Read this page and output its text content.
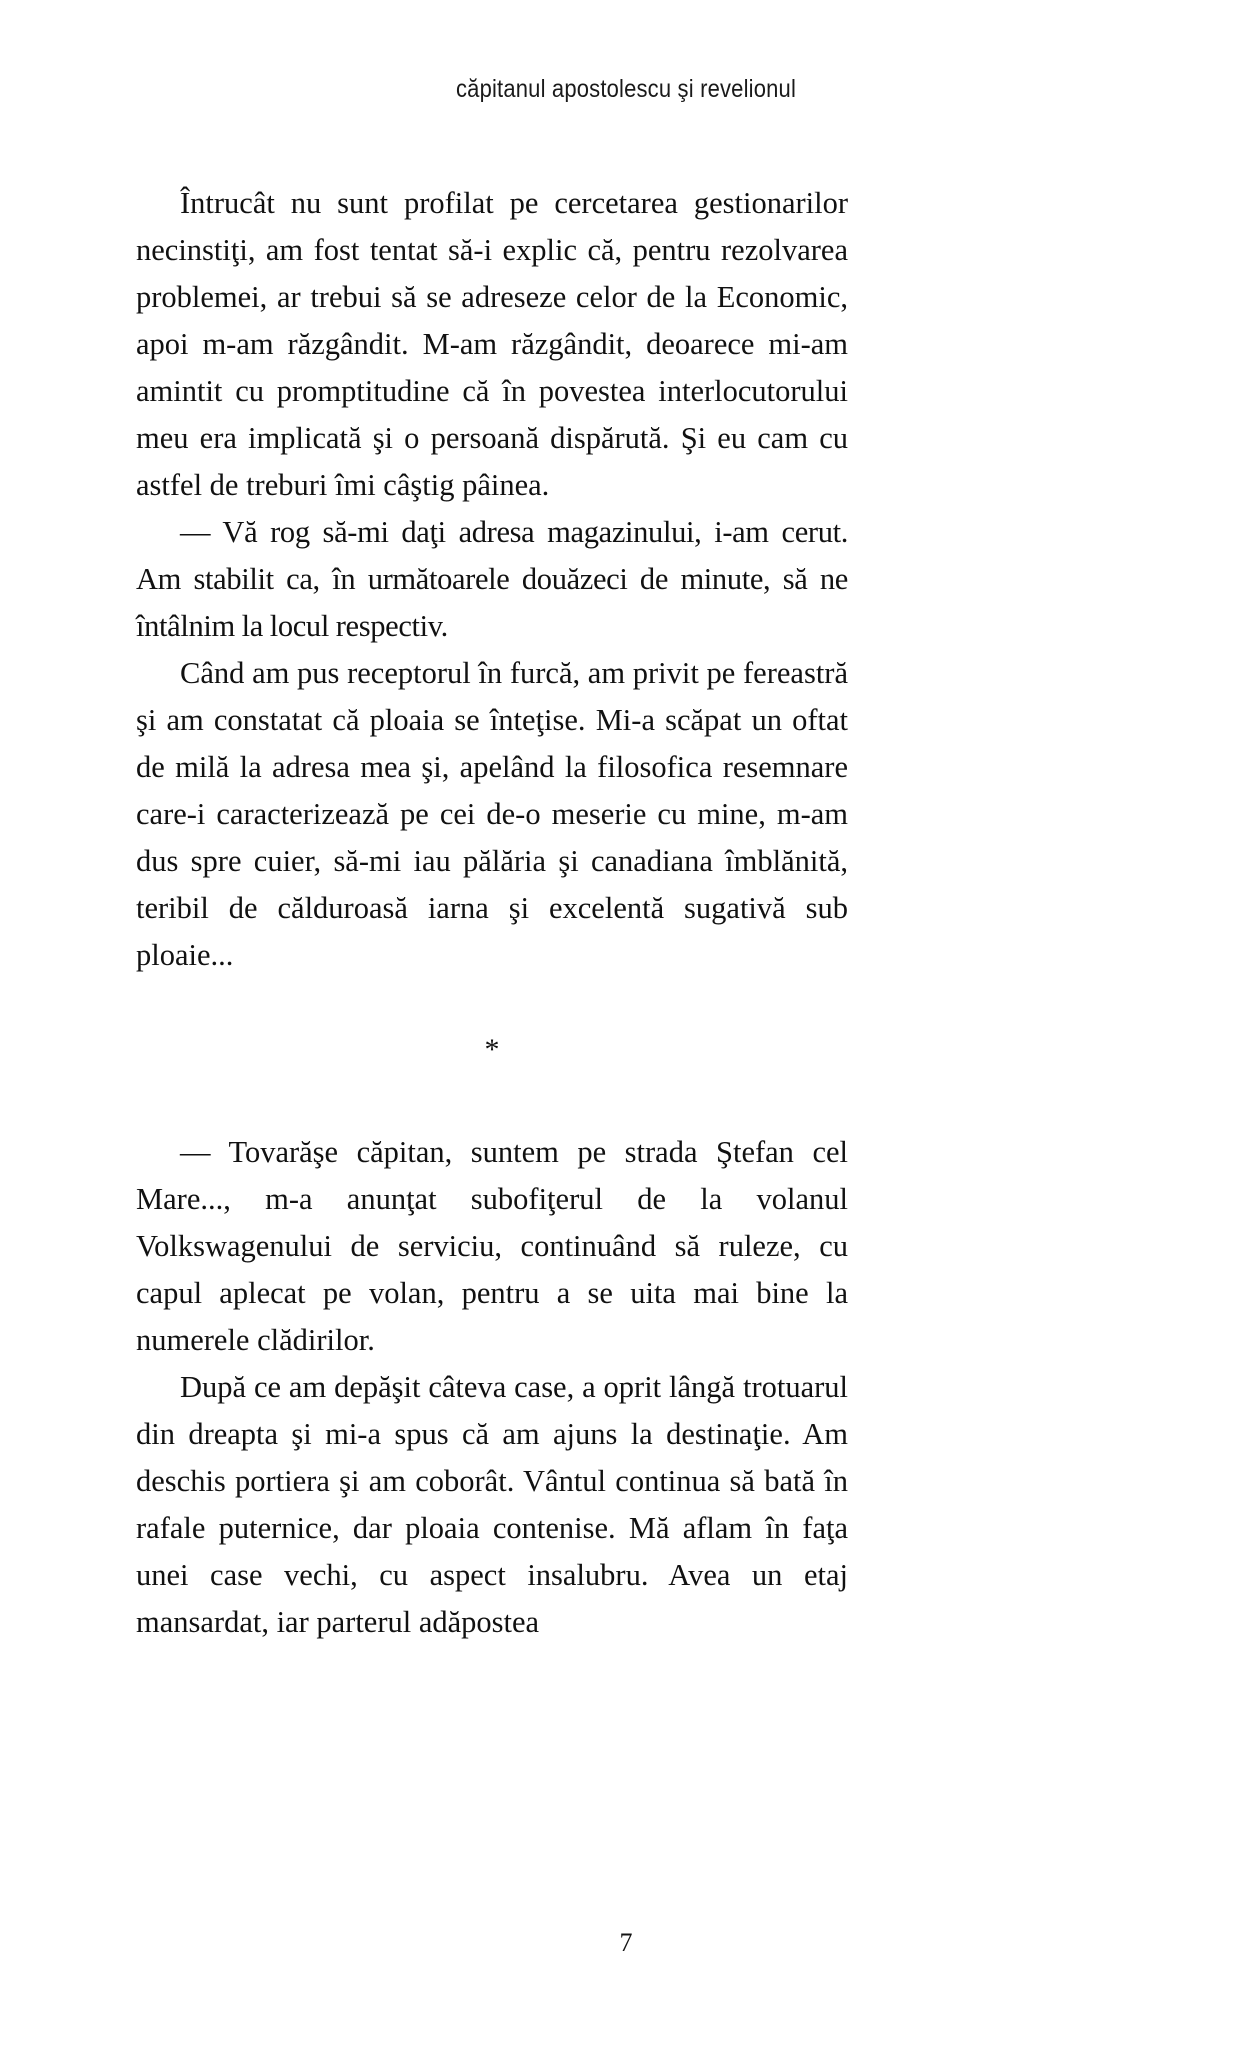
căpitanul apostolescu şi revelionul

Întrucât nu sunt profilat pe cercetarea gestionarilor necinstiţi, am fost tentat să-i explic că, pentru rezolvarea problemei, ar trebui să se adreseze celor de la Economic, apoi m-am răzgândit. M-am răzgândit, deoarece mi-am amintit cu promptitudine că în povestea interlocutorului meu era implicată şi o persoană dispărută. Şi eu cam cu astfel de treburi îmi câştig pâinea.

— Vă rog să-mi daţi adresa magazinului, i-am cerut. Am stabilit ca, în următoarele douăzeci de minute, să ne întâlnim la locul respectiv.

Când am pus receptorul în furcă, am privit pe fereastră şi am constatat că ploaia se înteţise. Mi-a scăpat un oftat de milă la adresa mea şi, apelând la filosofica resemnare care-i caracterizează pe cei de-o meserie cu mine, m-am dus spre cuier, să-mi iau pălăria şi canadiana îmblănită, teribil de călduroasă iarna şi excelentă sugativă sub ploaie...

*

— Tovarăşe căpitan, suntem pe strada Ştefan cel Mare..., m-a anunţat subofiţerul de la volanul Volkswagenului de serviciu, continuând să ruleze, cu capul aplecat pe volan, pentru a se uita mai bine la numerele clădirilor.

După ce am depăşit câteva case, a oprit lângă trotuarul din dreapta şi mi-a spus că am ajuns la destinaţie. Am deschis portiera şi am coborât. Vântul continua să bată în rafale puternice, dar ploaia contenise. Mă aflam în faţa unei case vechi, cu aspect insalubru. Avea un etaj mansardat, iar parterul adăpostea

7
